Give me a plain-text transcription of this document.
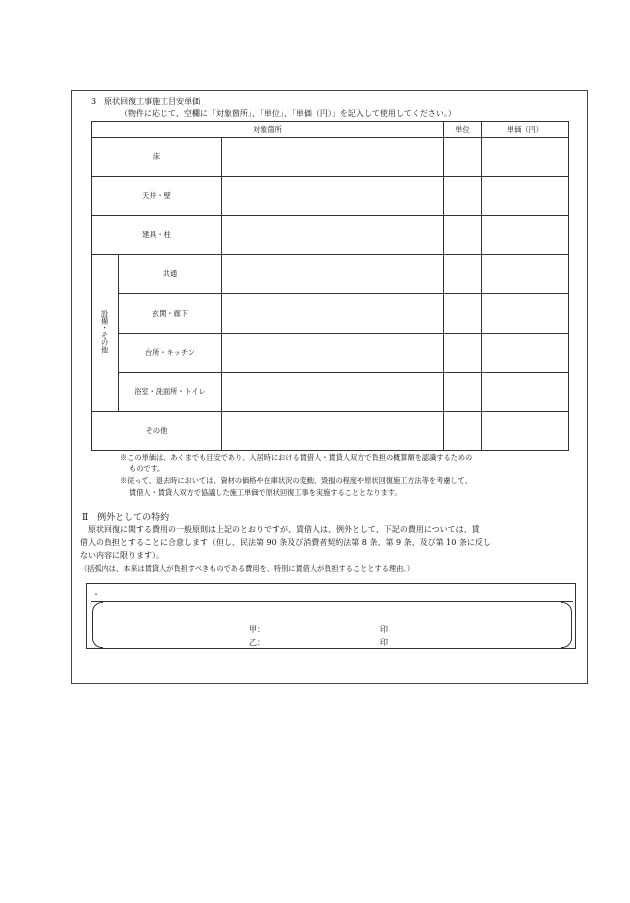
3　原状回復工事施工目安単価
（物件に応じて、空欄に「対象箇所」、「単位」、「単価（円）」を記入して使用してください。）
対象箇所			単位	単価（円）
床				
天井・壁				
建具・柱				
設備・その他	共通			
	玄関・廊下			
	台所・キッチン			
	浴室・洗面所・トイレ			
その他				
※この単価は、あくまでも目安であり、入居時における賃借人・賃貸人双方で負担の概算額を認識するための
ものです。
※従って、退去時においては、資材の価格や在庫状況の変動、毀損の程度や原状回復施工方法等を考慮して、
賃借人・賃貸人双方で協議した施工単価で原状回復工事を実施することとなります。
Ⅱ　例外としての特約
原状回復に関する費用の一般原則は上記のとおりですが、賃借人は、例外として、下記の費用については、賃
借人の負担とすることに合意します（但し、民法第 90 条及び消費者契約法第 8 条、第 9 条、及び第 10 条に反し
ない内容に限ります）。
（括弧内は、本来は賃貸人が負担すべきものである費用を、特別に賃借人が負担することとする理由。）
・
甲：	印
乙：	印
